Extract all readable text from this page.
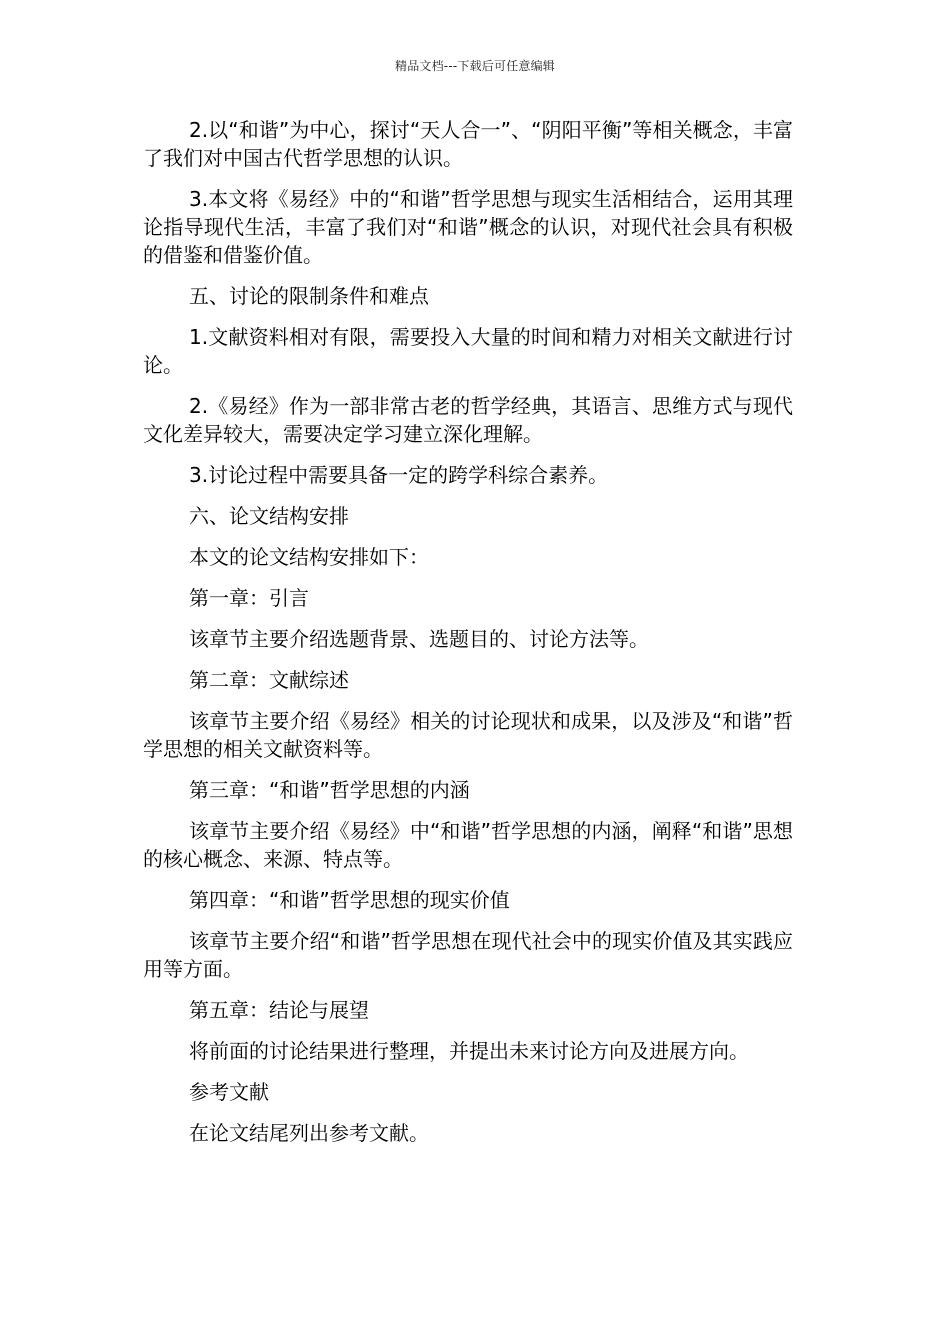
精品文档---下载后可任意编辑

2.以“和谐”为中心，探讨“天人合一”、“阴阳平衡”等相关概念，丰富了我们对中国古代哲学思想的认识。

3.本文将《易经》中的“和谐”哲学思想与现实生活相结合，运用其理论指导现代生活，丰富了我们对“和谐”概念的认识，对现代社会具有积极的借鉴和借鉴价值。

五、讨论的限制条件和难点

1.文献资料相对有限，需要投入大量的时间和精力对相关文献进行讨论。

2.《易经》作为一部非常古老的哲学经典，其语言、思维方式与现代文化差异较大，需要决定学习建立深化理解。

3.讨论过程中需要具备一定的跨学科综合素养。

六、论文结构安排

本文的论文结构安排如下：

第一章：引言

该章节主要介绍选题背景、选题目的、讨论方法等。

第二章：文献综述

该章节主要介绍《易经》相关的讨论现状和成果，以及涉及“和谐”哲学思想的相关文献资料等。

第三章：“和谐”哲学思想的内涵

该章节主要介绍《易经》中“和谐”哲学思想的内涵，阐释“和谐”思想的核心概念、来源、特点等。

第四章：“和谐”哲学思想的现实价值

该章节主要介绍“和谐”哲学思想在现代社会中的现实价值及其实践应用等方面。

第五章：结论与展望

将前面的讨论结果进行整理，并提出未来讨论方向及进展方向。

参考文献

在论文结尾列出参考文献。
